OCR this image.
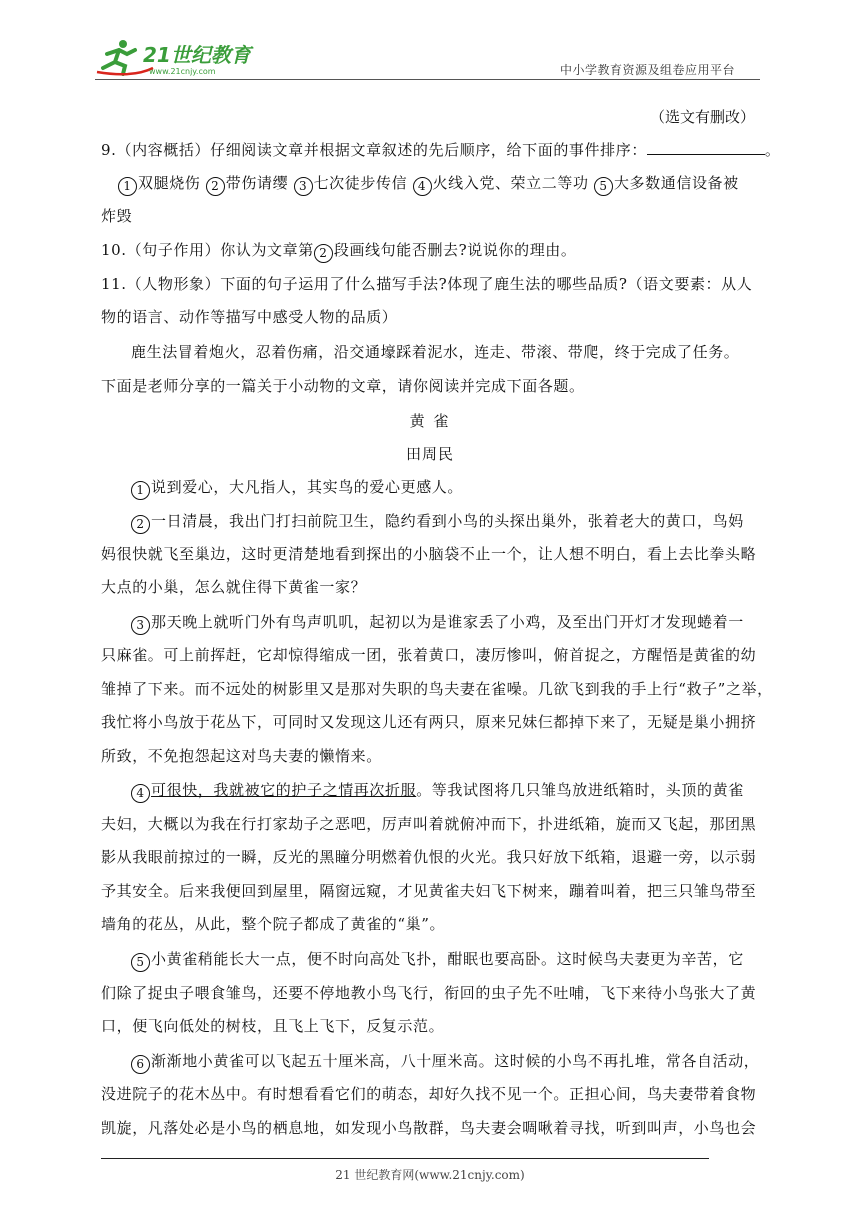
21世纪教育
www.21cnjy.com	中小学教育资源及组卷应用平台
（选文有删改）
9.（内容概括）仔细阅读文章并根据文章叙述的先后顺序，给下面的事件排序：	。
1 双腿烧伤 2 带伤请缨 3 七次徒步传信 4 火线入党、荣立二等功 5 大多数通信设备被
炸毁
10.（句子作用）你认为文章第 2 段画线句能否删去?说说你的理由。
11.（人物形象）下面的句子运用了什么描写手法?体现了鹿生法的哪些品质?（语文要素：从人
物的语言、动作等描写中感受人物的品质）
鹿生法冒着炮火，忍着伤痛，沿交通壕踩着泥水，连走、带滚、带爬，终于完成了任务。
下面是老师分享的一篇关于小动物的文章，请你阅读并完成下面各题。
黄 雀
田周民
1 说到爱心，大凡指人，其实鸟的爱心更感人。
2 一日清晨，我出门打扫前院卫生，隐约看到小鸟的头探出巢外，张着老大的黄口，鸟妈
妈很快就飞至巢边，这时更清楚地看到探出的小脑袋不止一个，让人想不明白，看上去比拳头略
大点的小巢，怎么就住得下黄雀一家？
3 那天晚上就听门外有鸟声叽叽，起初以为是谁家丢了小鸡，及至出门开灯才发现蜷着一
只麻雀。可上前挥赶，它却惊得缩成一团，张着黄口，凄厉惨叫，俯首捉之，方醒悟是黄雀的幼
雏掉了下来。而不远处的树影里又是那对失职的鸟夫妻在雀噪。几欲飞到我的手上行“救子”之举，
我忙将小鸟放于花丛下，可同时又发现这儿还有两只，原来兄妹仨都掉下来了，无疑是巢小拥挤
所致，不免抱怨起这对鸟夫妻的懒惰来。
4 可很快，我就被它的护子之情再次折服。等我试图将几只雏鸟放进纸箱时，头顶的黄雀
夫妇，大概以为我在行打家劫子之恶吧，厉声叫着就俯冲而下，扑进纸箱，旋而又飞起，那团黑
影从我眼前掠过的一瞬，反光的黑瞳分明燃着仇恨的火光。我只好放下纸箱，退避一旁，以示弱
予其安全。后来我便回到屋里，隔窗远窥，才见黄雀夫妇飞下树来，蹦着叫着，把三只雏鸟带至
墙角的花丛，从此，整个院子都成了黄雀的“巢”。
5 小黄雀稍能长大一点，便不时向高处飞扑，酣眠也要高卧。这时候鸟夫妻更为辛苦，它
们除了捉虫子喂食雏鸟，还要不停地教小鸟飞行，衔回的虫子先不吐哺，飞下来待小鸟张大了黄
口，便飞向低处的树枝，且飞上飞下，反复示范。
6 渐渐地小黄雀可以飞起五十厘米高，八十厘米高。这时候的小鸟不再扎堆，常各自活动，
没进院子的花木丛中。有时想看看它们的萌态，却好久找不见一个。正担心间，鸟夫妻带着食物
凯旋，凡落处必是小鸟的栖息地，如发现小鸟散群，鸟夫妻会啁啾着寻找，听到叫声，小鸟也会
21 世纪教育网(www.21cnjy.com)
